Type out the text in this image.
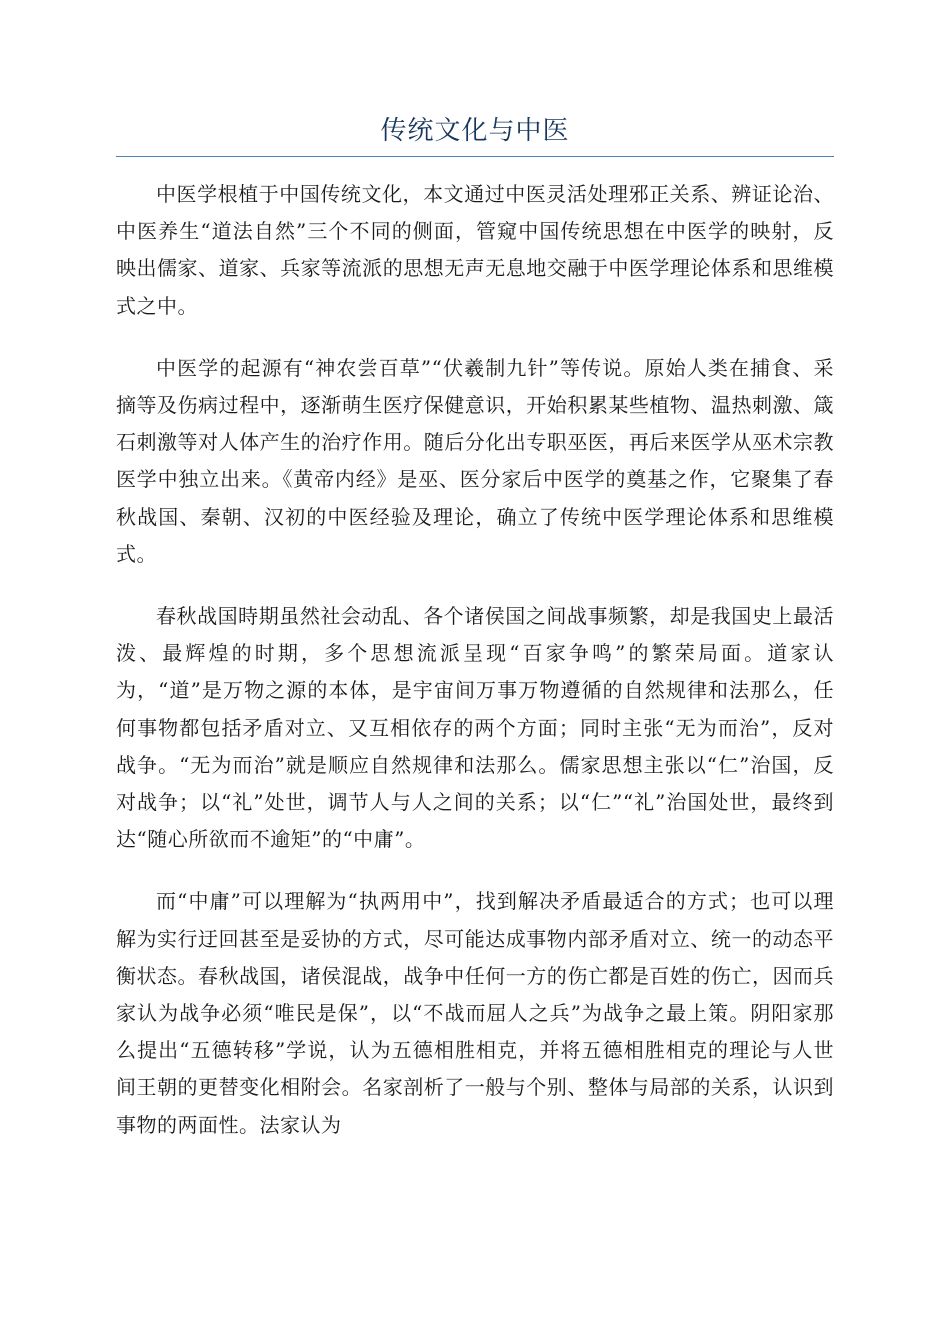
传统文化与中医

中医学根植于中国传统文化，本文通过中医灵活处理邪正关系、辨证论治、中医养生“道法自然”三个不同的侧面，管窥中国传统思想在中医学的映射，反映出儒家、道家、兵家等流派的思想无声无息地交融于中医学理论体系和思维模式之中。

中医学的起源有“神农尝百草”“伏羲制九针”等传说。原始人类在捕食、采摘等及伤病过程中，逐渐萌生医疗保健意识，开始积累某些植物、温热刺激、箴石刺激等对人体产生的治疗作用。随后分化出专职巫医，再后来医学从巫术宗教医学中独立出来。《黄帝内经》是巫、医分家后中医学的奠基之作，它聚集了春秋战国、秦朝、汉初的中医经验及理论，确立了传统中医学理论体系和思维模式。

春秋战国時期虽然社会动乱、各个诸侯国之间战事频繁，却是我国史上最活泼、最辉煌的时期，多个思想流派呈现“百家争鸣”的繁荣局面。道家认为，“道”是万物之源的本体，是宇宙间万事万物遵循的自然规律和法那么，任何事物都包括矛盾对立、又互相依存的两个方面；同时主张“无为而治”，反对战争。“无为而治”就是顺应自然规律和法那么。儒家思想主张以“仁”治国，反对战争；以“礼”处世，调节人与人之间的关系；以“仁”“礼”治国处世，最终到达“随心所欲而不逾矩”的“中庸”。

而“中庸”可以理解为“执两用中”，找到解决矛盾最适合的方式；也可以理解为实行迂回甚至是妥协的方式，尽可能达成事物内部矛盾对立、统一的动态平衡状态。春秋战国，诸侯混战，战争中任何一方的伤亡都是百姓的伤亡，因而兵家认为战争必须“唯民是保”，以“不战而屈人之兵”为战争之最上策。阴阳家那么提出“五德转移”学说，认为五德相胜相克，并将五德相胜相克的理论与人世间王朝的更替变化相附会。名家剖析了一般与个别、整体与局部的关系，认识到事物的两面性。法家认为
